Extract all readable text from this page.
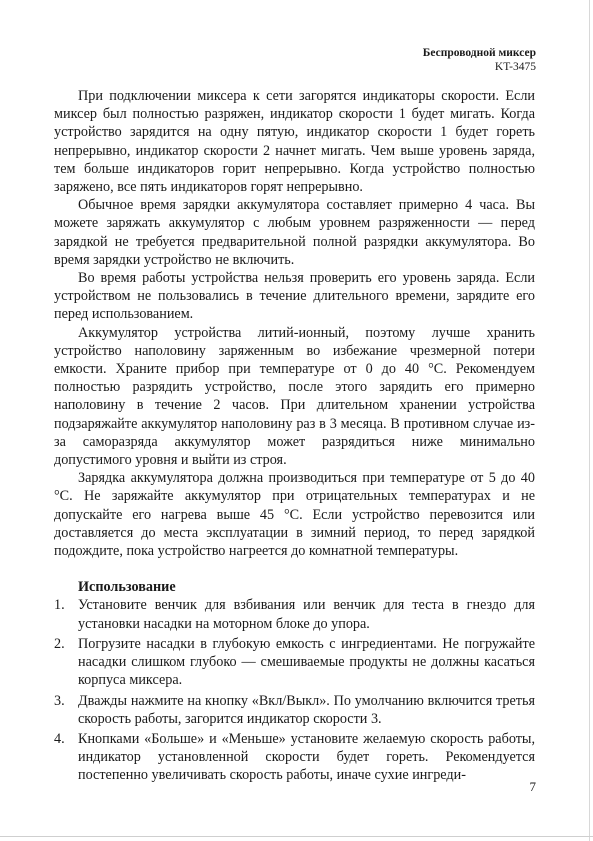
Беспроводной миксер
KT-3475

При подключении миксера к сети загорятся индикаторы скорости. Если миксер был полностью разряжен, индикатор скорости 1 будет мигать. Когда устройство зарядится на одну пятую, индикатор скорости 1 будет гореть непрерывно, индикатор скорости 2 начнет мигать. Чем выше уровень заряда, тем больше индикаторов горит непрерывно. Когда устройство полностью заряжено, все пять индикаторов горят непрерывно.

Обычное время зарядки аккумулятора составляет примерно 4 часа. Вы можете заряжать аккумулятор с любым уровнем разряженности — перед зарядкой не требуется предварительной полной разрядки аккумулятора. Во время зарядки устройство не включить.

Во время работы устройства нельзя проверить его уровень заряда. Если устройством не пользовались в течение длительного времени, зарядите его перед использованием.

Аккумулятор устройства литий-ионный, поэтому лучше хранить устройство наполовину заряженным во избежание чрезмерной потери емкости. Храните прибор при температуре от 0 до 40 °C. Рекомендуем полностью разрядить устройство, после этого зарядить его примерно наполовину в течение 2 часов. При длительном хранении устройства подзаряжайте аккумулятор наполовину раз в 3 месяца. В противном случае из-за саморазряда аккумулятор может разрядиться ниже минимально допустимого уровня и выйти из строя.

Зарядка аккумулятора должна производиться при температуре от 5 до 40 °C. Не заряжайте аккумулятор при отрицательных температурах и не допускайте его нагрева выше 45 °C. Если устройство перевозится или доставляется до места эксплуатации в зимний период, то перед зарядкой подождите, пока устройство нагреется до комнатной температуры.

Использование
1. Установите венчик для взбивания или венчик для теста в гнездо для установки насадки на моторном блоке до упора.
2. Погрузите насадки в глубокую емкость с ингредиентами. Не погружайте насадки слишком глубоко — смешиваемые продукты не должны касаться корпуса миксера.
3. Дважды нажмите на кнопку «Вкл/Выкл». По умолчанию включится третья скорость работы, загорится индикатор скорости 3.
4. Кнопками «Больше» и «Меньше» установите желаемую скорость работы, индикатор установленной скорости будет гореть. Рекомендуется постепенно увеличивать скорость работы, иначе сухие ингреди-
7
